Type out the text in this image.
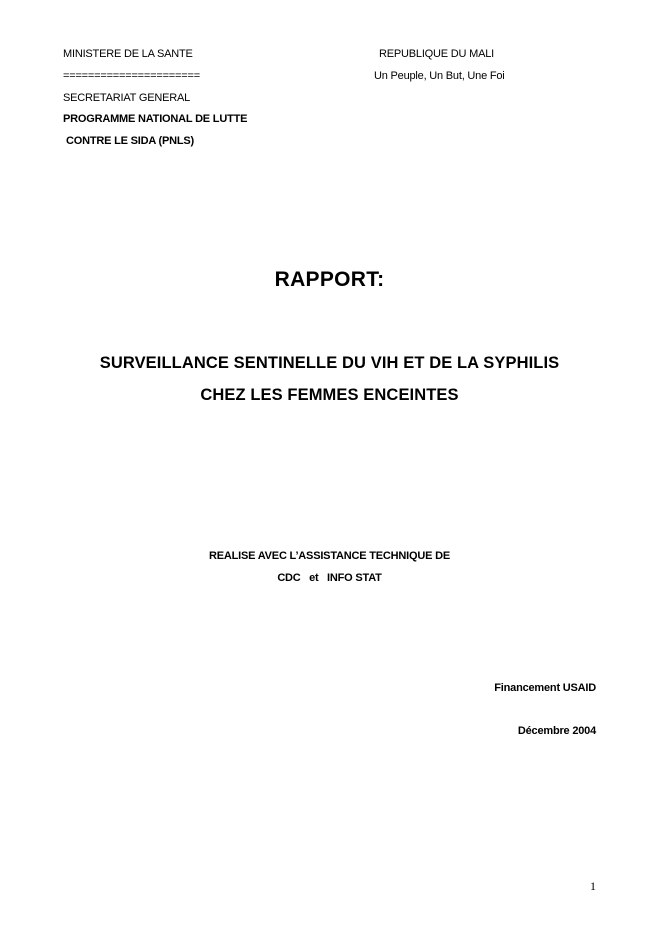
MINISTERE DE LA SANTE
======================
SECRETARIAT GENERAL
PROGRAMME NATIONAL DE LUTTE
CONTRE LE SIDA (PNLS)
REPUBLIQUE DU MALI
Un Peuple, Un But, Une Foi
RAPPORT:
SURVEILLANCE SENTINELLE DU VIH ET DE LA SYPHILIS
CHEZ LES FEMMES ENCEINTES
REALISE AVEC L’ASSISTANCE TECHNIQUE DE
CDC   et   INFO STAT
Financement USAID
Décembre 2004
1
